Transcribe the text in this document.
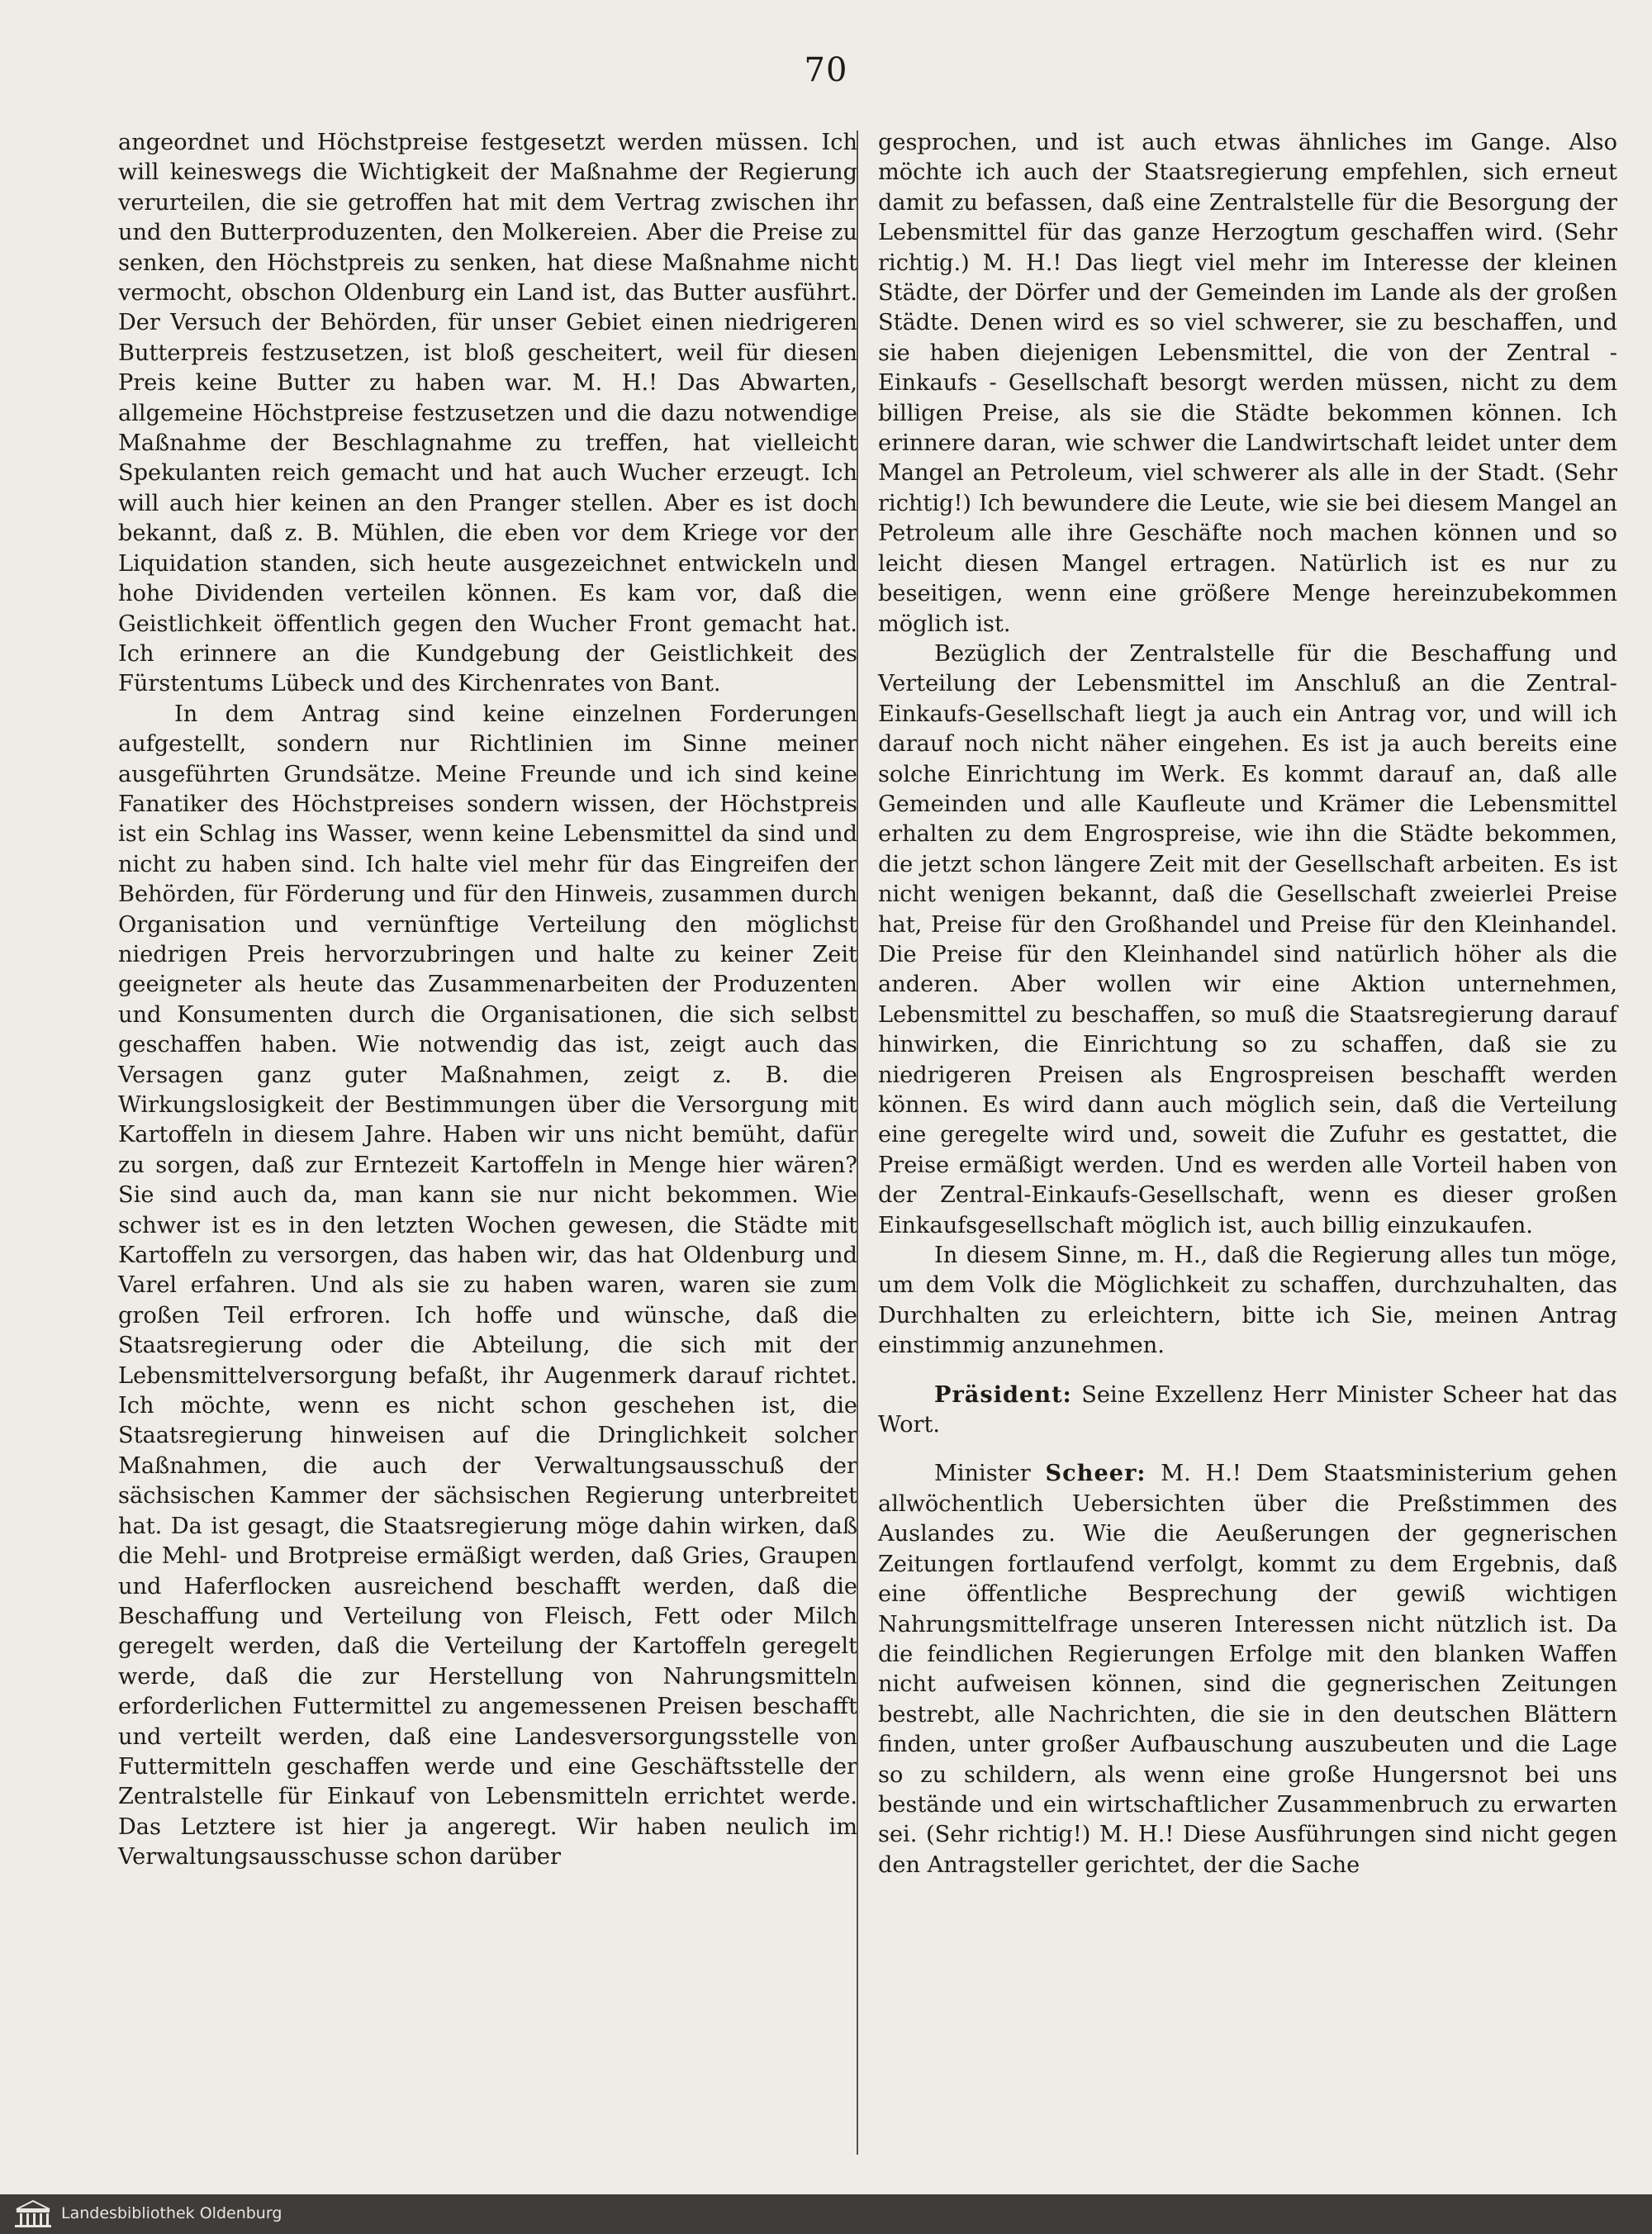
70

angeordnet und Höchstpreise festgesetzt werden müssen. Ich will keineswegs die Wichtigkeit der Maßnahme der Regierung verurteilen, die sie getroffen hat mit dem Vertrag zwischen ihr und den Butterproduzenten, den Molkereien. Aber die Preise zu senken, den Höchstpreis zu senken, hat diese Maßnahme nicht vermocht, obschon Oldenburg ein Land ist, das Butter ausführt. Der Versuch der Behörden, für unser Gebiet einen niedrigeren Butterpreis festzusetzen, ist bloß gescheitert, weil für diesen Preis keine Butter zu haben war. M. H.! Das Abwarten, allgemeine Höchstpreise festzusetzen und die dazu notwendige Maßnahme der Beschlagnahme zu treffen, hat vielleicht Spekulanten reich gemacht und hat auch Wucher erzeugt. Ich will auch hier keinen an den Pranger stellen. Aber es ist doch bekannt, daß z. B. Mühlen, die eben vor dem Kriege vor der Liquidation standen, sich heute ausgezeichnet entwickeln und hohe Dividenden verteilen können. Es kam vor, daß die Geistlichkeit öffentlich gegen den Wucher Front gemacht hat. Ich erinnere an die Kundgebung der Geistlichkeit des Fürstentums Lübeck und des Kirchenrates von Bant.

In dem Antrag sind keine einzelnen Forderungen aufgestellt, sondern nur Richtlinien im Sinne meiner ausgeführten Grundsätze. Meine Freunde und ich sind keine Fanatiker des Höchstpreises sondern wissen, der Höchstpreis ist ein Schlag ins Wasser, wenn keine Lebensmittel da sind und nicht zu haben sind. Ich halte viel mehr für das Eingreifen der Behörden, für Förderung und für den Hinweis, zusammen durch Organisation und vernünftige Verteilung den möglichst niedrigen Preis hervorzubringen und halte zu keiner Zeit geeigneter als heute das Zusammenarbeiten der Produzenten und Konsumenten durch die Organisationen, die sich selbst geschaffen haben. Wie notwendig das ist, zeigt auch das Versagen ganz guter Maßnahmen, zeigt z. B. die Wirkungslosigkeit der Bestimmungen über die Versorgung mit Kartoffeln in diesem Jahre. Haben wir uns nicht bemüht, dafür zu sorgen, daß zur Erntezeit Kartoffeln in Menge hier wären? Sie sind auch da, man kann sie nur nicht bekommen. Wie schwer ist es in den letzten Wochen gewesen, die Städte mit Kartoffeln zu versorgen, das haben wir, das hat Oldenburg und Varel erfahren. Und als sie zu haben waren, waren sie zum großen Teil erfroren. Ich hoffe und wünsche, daß die Staatsregierung oder die Abteilung, die sich mit der Lebensmittelversorgung befaßt, ihr Augenmerk darauf richtet. Ich möchte, wenn es nicht schon geschehen ist, die Staatsregierung hinweisen auf die Dringlichkeit solcher Maßnahmen, die auch der Verwaltungsausschuß der sächsischen Kammer der sächsischen Regierung unterbreitet hat. Da ist gesagt, die Staatsregierung möge dahin wirken, daß die Mehl- und Brotpreise ermäßigt werden, daß Gries, Graupen und Haferflocken ausreichend beschafft werden, daß die Beschaffung und Verteilung von Fleisch, Fett oder Milch geregelt werden, daß die Verteilung der Kartoffeln geregelt werde, daß die zur Herstellung von Nahrungsmitteln erforderlichen Futtermittel zu angemessenen Preisen beschafft und verteilt werden, daß eine Landesversorgungsstelle von Futtermitteln geschaffen werde und eine Geschäftsstelle der Zentralstelle für Einkauf von Lebensmitteln errichtet werde. Das Letztere ist hier ja angeregt. Wir haben neulich im Verwaltungsausschusse schon darüber

gesprochen, und ist auch etwas ähnliches im Gange. Also möchte ich auch der Staatsregierung empfehlen, sich erneut damit zu befassen, daß eine Zentralstelle für die Besorgung der Lebensmittel für das ganze Herzogtum geschaffen wird. (Sehr richtig.) M. H.! Das liegt viel mehr im Interesse der kleinen Städte, der Dörfer und der Gemeinden im Lande als der großen Städte. Denen wird es so viel schwerer, sie zu beschaffen, und sie haben diejenigen Lebensmittel, die von der Zentral - Einkaufs - Gesellschaft besorgt werden müssen, nicht zu dem billigen Preise, als sie die Städte bekommen können. Ich erinnere daran, wie schwer die Landwirtschaft leidet unter dem Mangel an Petroleum, viel schwerer als alle in der Stadt. (Sehr richtig!) Ich bewundere die Leute, wie sie bei diesem Mangel an Petroleum alle ihre Geschäfte noch machen können und so leicht diesen Mangel ertragen. Natürlich ist es nur zu beseitigen, wenn eine größere Menge hereinzubekommen möglich ist.

Bezüglich der Zentralstelle für die Beschaffung und Verteilung der Lebensmittel im Anschluß an die Zentral-Einkaufs-Gesellschaft liegt ja auch ein Antrag vor, und will ich darauf noch nicht näher eingehen. Es ist ja auch bereits eine solche Einrichtung im Werk. Es kommt darauf an, daß alle Gemeinden und alle Kaufleute und Krämer die Lebensmittel erhalten zu dem Engrospreise, wie ihn die Städte bekommen, die jetzt schon längere Zeit mit der Gesellschaft arbeiten. Es ist nicht wenigen bekannt, daß die Gesellschaft zweierlei Preise hat, Preise für den Großhandel und Preise für den Kleinhandel. Die Preise für den Kleinhandel sind natürlich höher als die anderen. Aber wollen wir eine Aktion unternehmen, Lebensmittel zu beschaffen, so muß die Staatsregierung darauf hinwirken, die Einrichtung so zu schaffen, daß sie zu niedrigeren Preisen als Engrospreisen beschafft werden können. Es wird dann auch möglich sein, daß die Verteilung eine geregelte wird und, soweit die Zufuhr es gestattet, die Preise ermäßigt werden. Und es werden alle Vorteil haben von der Zentral-Einkaufs-Gesellschaft, wenn es dieser großen Einkaufsgesellschaft möglich ist, auch billig einzukaufen.

In diesem Sinne, m. H., daß die Regierung alles tun möge, um dem Volk die Möglichkeit zu schaffen, durchzuhalten, das Durchhalten zu erleichtern, bitte ich Sie, meinen Antrag einstimmig anzunehmen.

Präsident: Seine Exzellenz Herr Minister Scheer hat das Wort.

Minister Scheer: M. H.! Dem Staatsministerium gehen allwöchentlich Uebersichten über die Preßstimmen des Auslandes zu. Wie die Aeußerungen der gegnerischen Zeitungen fortlaufend verfolgt, kommt zu dem Ergebnis, daß eine öffentliche Besprechung der gewiß wichtigen Nahrungsmittelfrage unseren Interessen nicht nützlich ist. Da die feindlichen Regierungen Erfolge mit den blanken Waffen nicht aufweisen können, sind die gegnerischen Zeitungen bestrebt, alle Nachrichten, die sie in den deutschen Blättern finden, unter großer Aufbauschung auszubeuten und die Lage so zu schildern, als wenn eine große Hungersnot bei uns bestände und ein wirtschaftlicher Zusammenbruch zu erwarten sei. (Sehr richtig!) M. H.! Diese Ausführungen sind nicht gegen den Antragsteller gerichtet, der die Sache

Landesbibliothek Oldenburg
